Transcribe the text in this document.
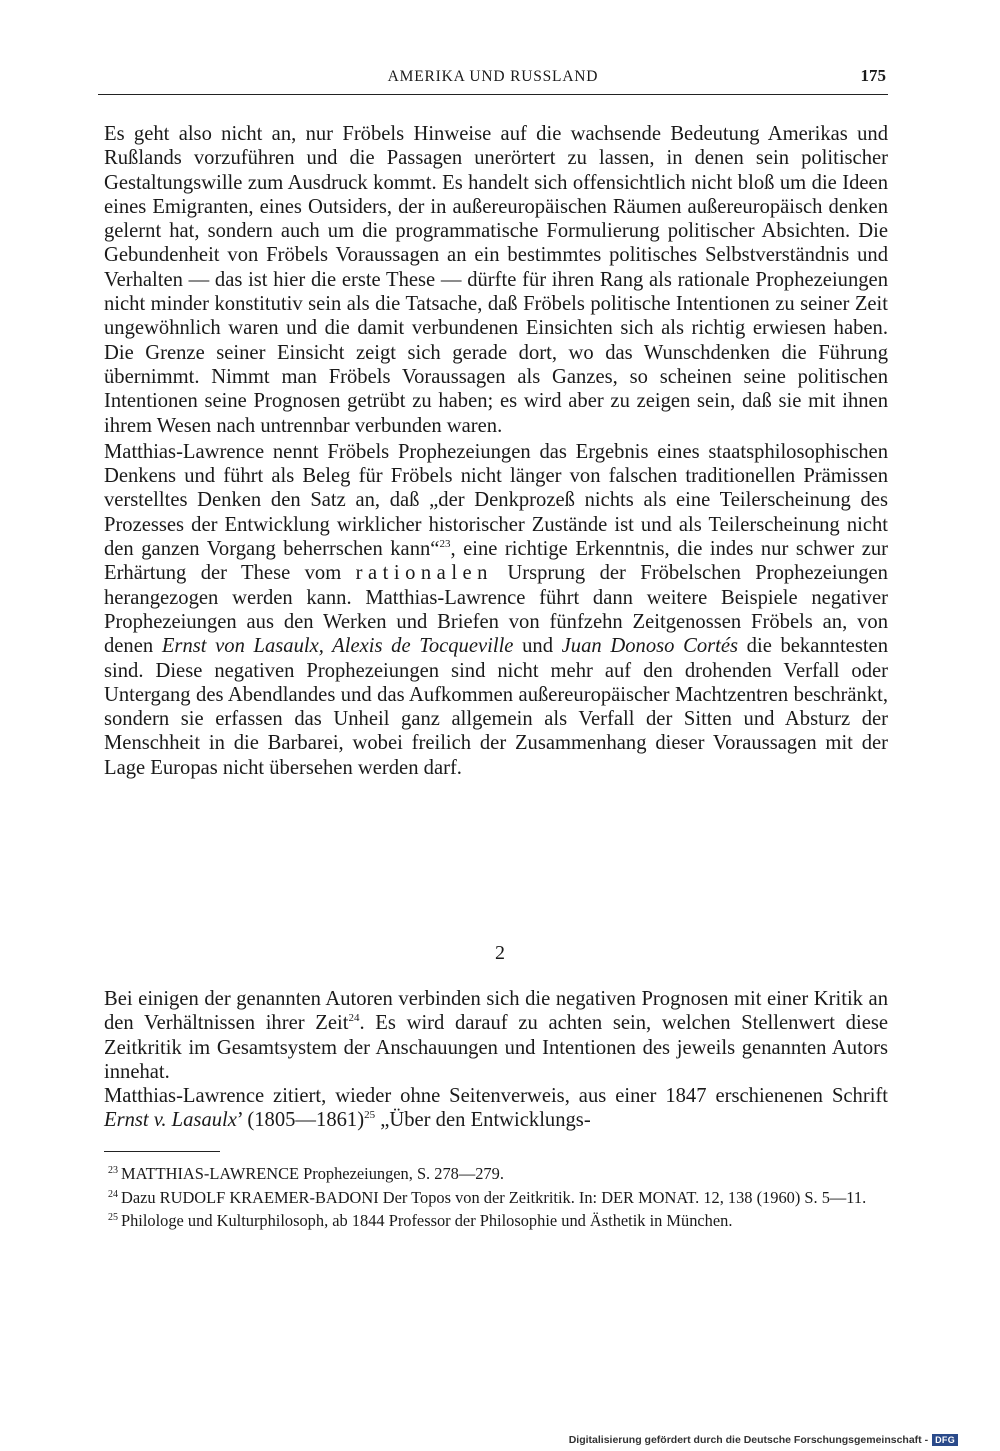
AMERIKA UND RUSSLAND	175

Es geht also nicht an, nur Fröbels Hinweise auf die wachsende Bedeutung Amerikas und Rußlands vorzuführen und die Passagen unerörtert zu lassen, in denen sein politischer Gestaltungswille zum Ausdruck kommt. Es handelt sich offensichtlich nicht bloß um die Ideen eines Emigranten, eines Outsiders, der in außereuropäischen Räumen außereuropäisch denken gelernt hat, sondern auch um die programmatische Formulierung politischer Absichten. Die Gebundenheit von Fröbels Voraussagen an ein bestimmtes politisches Selbstverständnis und Verhalten — das ist hier die erste These — dürfte für ihren Rang als rationale Prophezeiungen nicht minder konstitutiv sein als die Tatsache, daß Fröbels politische Intentionen zu seiner Zeit ungewöhnlich waren und die damit verbundenen Einsichten sich als richtig erwiesen haben. Die Grenze seiner Einsicht zeigt sich gerade dort, wo das Wunschdenken die Führung übernimmt. Nimmt man Fröbels Voraussagen als Ganzes, so scheinen seine politischen Intentionen seine Prognosen getrübt zu haben; es wird aber zu zeigen sein, daß sie mit ihnen ihrem Wesen nach untrennbar verbunden waren.

Matthias-Lawrence nennt Fröbels Prophezeiungen das Ergebnis eines staatsphilosophischen Denkens und führt als Beleg für Fröbels nicht länger von falschen traditionellen Prämissen verstelltes Denken den Satz an, daß „der Denkprozeß nichts als eine Teilerscheinung des Prozesses der Entwicklung wirklicher historischer Zustände ist und als Teilerscheinung nicht den ganzen Vorgang beherrschen kann“$^{23}$, eine richtige Erkenntnis, die indes nur schwer zur Erhärtung der These vom rationalen Ursprung der Fröbelschen Prophezeiungen herangezogen werden kann. Matthias-Lawrence führt dann weitere Beispiele negativer Prophezeiungen aus den Werken und Briefen von fünfzehn Zeitgenossen Fröbels an, von denen Ernst von Lasaulx, Alexis de Tocqueville und Juan Donoso Cortés die bekanntesten sind. Diese negativen Prophezeiungen sind nicht mehr auf den drohenden Verfall oder Untergang des Abendlandes und das Aufkommen außereuropäischer Machtzentren beschränkt, sondern sie erfassen das Unheil ganz allgemein als Verfall der Sitten und Absturz der Menschheit in die Barbarei, wobei freilich der Zusammenhang dieser Voraussagen mit der Lage Europas nicht übersehen werden darf.

2

Bei einigen der genannten Autoren verbinden sich die negativen Prognosen mit einer Kritik an den Verhältnissen ihrer Zeit$^{24}$. Es wird darauf zu achten sein, welchen Stellenwert diese Zeitkritik im Gesamtsystem der Anschauungen und Intentionen des jeweils genannten Autors innehat.

Matthias-Lawrence zitiert, wieder ohne Seitenverweis, aus einer 1847 erschienenen Schrift Ernst v. Lasaulx’ (1805—1861)$^{25}$ „Über den Entwicklungs-

$^{23}$ MATTHIAS-LAWRENCE Prophezeiungen, S. 278—279.

$^{24}$ Dazu RUDOLF KRAEMER-BADONI Der Topos von der Zeitkritik. In: DER MONAT. 12, 138 (1960) S. 5—11.

$^{25}$ Philologe und Kulturphilosoph, ab 1844 Professor der Philosophie und Ästhetik in München.

Digitalisierung gefördert durch die Deutsche Forschungsgemeinschaft - DFG
